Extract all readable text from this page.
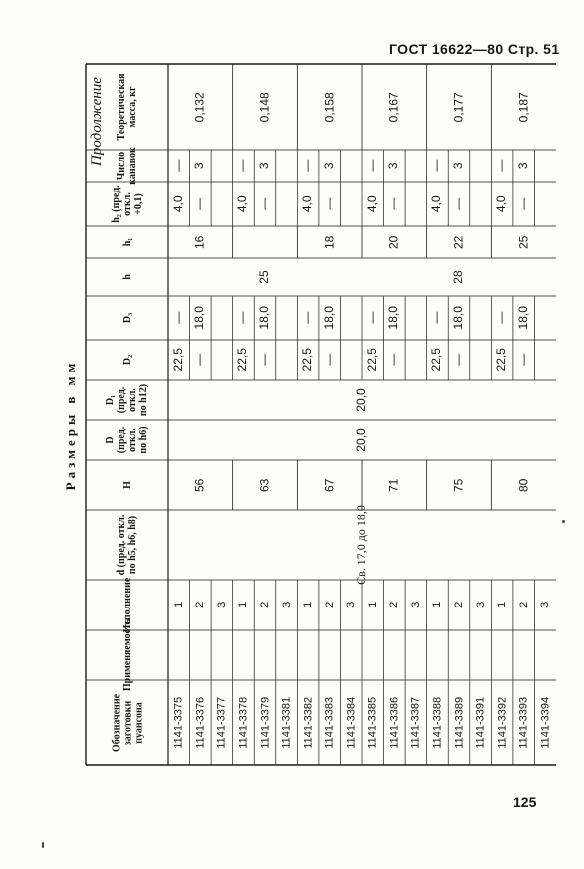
ГОСТ 16622—80 Стр. 51
Продолжение
125
Теоретическая масса, кг
Число канавок
h₂ (пред. откл. +0,1)
h₁
h
D₃
D₂
D₁ (пред. откл. по h12)
D (пред. откл. по h6)
H
d (пред. откл. по h5, h6, h8)
Исполнение
Применяемость
Обозначение заготовки пуансона
Размеры в мм
1141-3375
1
22,5
—
4,0
—
1141-3376
2
—
18,0
—
3
1141-3377
3
1141-3378
1
22,5
—
4,0
—
1141-3379
2
—
18,0
—
3
1141-3381
3
1141-3382
1
22,5
—
4,0
—
1141-3383
2
—
18,0
—
3
1141-3384
3
1141-3385
1
22,5
—
4,0
—
1141-3386
2
—
18,0
—
3
1141-3387
3
1141-3388
1
22,5
—
4,0
—
1141-3389
2
—
18,0
—
3
1141-3391
3
1141-3392
1
22,5
—
4,0
—
1141-3393
2
—
18,0
—
3
1141-3394
3
56
16
0,132
63
0,148
67
18
0,158
71
20
0,167
75
22
0,177
80
25
0,187
Св. 17,0 до 18,0
20,0
20,0
25	28
